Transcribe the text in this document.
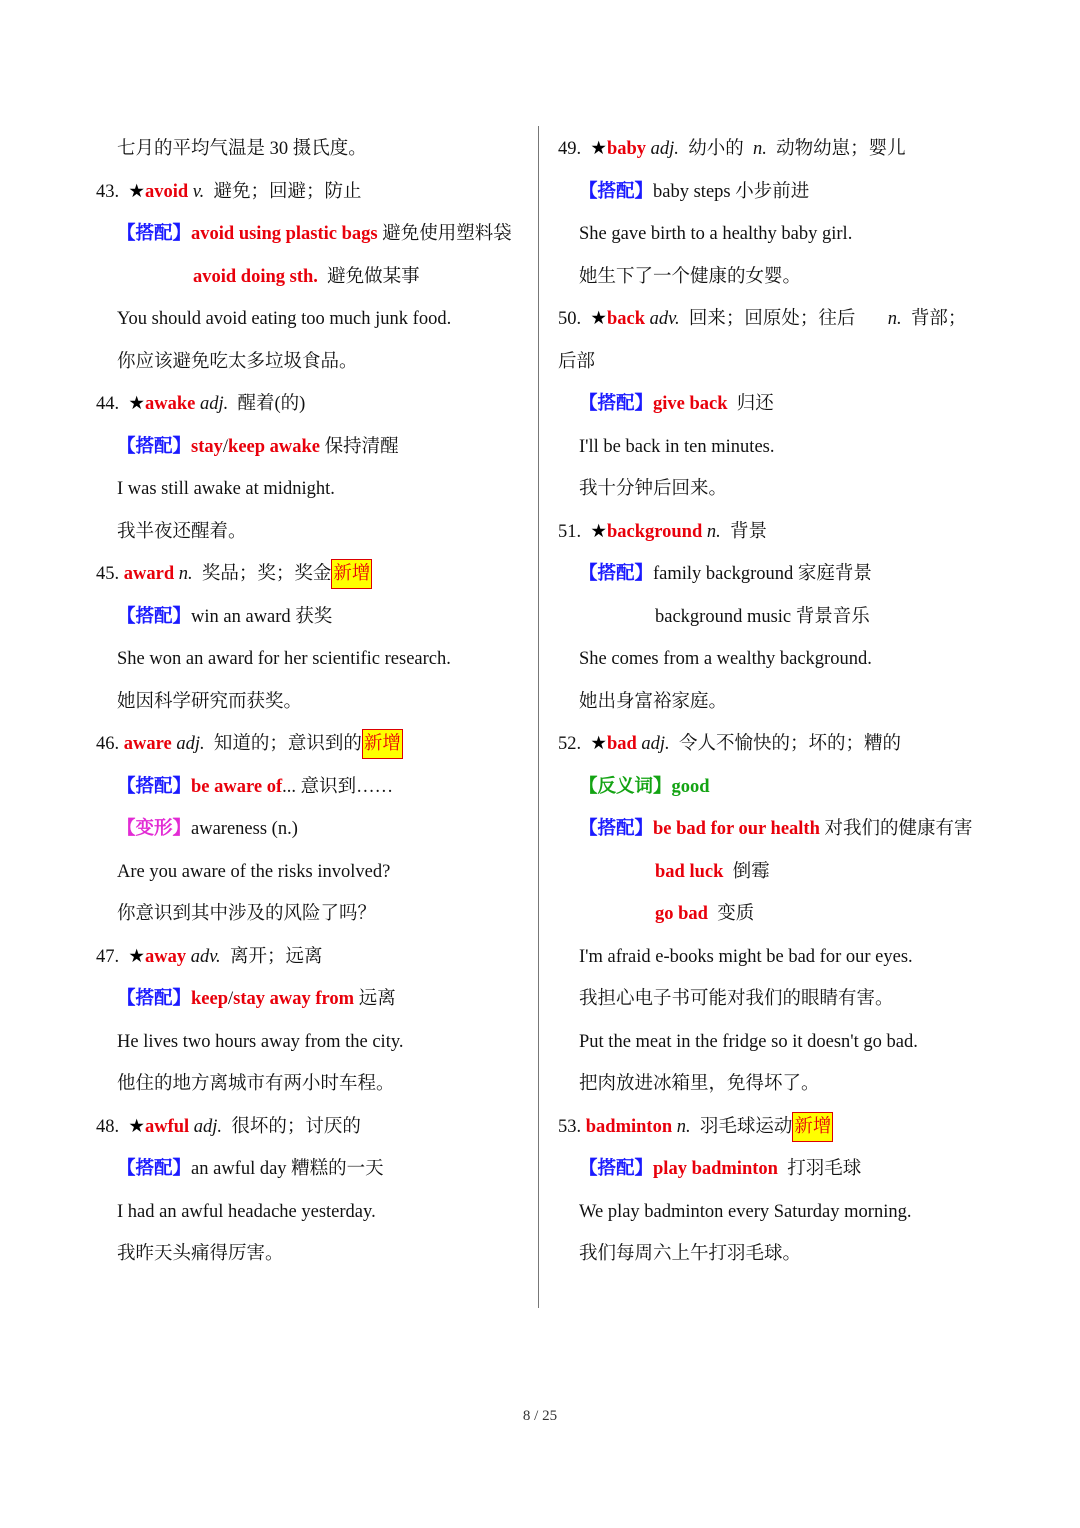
七月的平均气温是 30 摄氏度。
43. ★avoid v. 避免；回避；防止
【搭配】avoid using plastic bags 避免使用塑料袋
avoid doing sth. 避免做某事
You should avoid eating too much junk food.
你应该避免吃太多垃圾食品。
44. ★awake adj. 醒着(的)
【搭配】stay/keep awake 保持清醒
I was still awake at midnight.
我半夜还醒着。
45. award n. 奖品；奖；奖金 新增
【搭配】win an award 获奖
She won an award for her scientific research.
她因科学研究而获奖。
46. aware adj. 知道的；意识到的 新增
【搭配】be aware of... 意识到……
【变形】awareness (n.)
Are you aware of the risks involved?
你意识到其中涉及的风险了吗？
47. ★away adv. 离开；远离
【搭配】keep/stay away from 远离
He lives two hours away from the city.
他住的地方离城市有两小时车程。
48. ★awful adj. 很坏的；讨厌的
【搭配】an awful day 糟糕的一天
I had an awful headache yesterday.
我昨天头痛得厉害。
49. ★baby adj. 幼小的 n. 动物幼崽；婴儿
【搭配】baby steps 小步前进
She gave birth to a healthy baby girl.
她生下了一个健康的女婴。
50. ★back adv. 回来；回原处；往后 n. 背部；
后部
【搭配】give back 归还
I'll be back in ten minutes.
我十分钟后回来。
51. ★background n. 背景
【搭配】family background 家庭背景
background music 背景音乐
She comes from a wealthy background.
她出身富裕家庭。
52. ★bad adj. 令人不愉快的；坏的；糟的
【反义词】good
【搭配】be bad for our health 对我们的健康有害
bad luck 倒霉
go bad 变质
I'm afraid e-books might be bad for our eyes.
我担心电子书可能对我们的眼睛有害。
Put the meat in the fridge so it doesn't go bad.
把肉放进冰箱里，免得坏了。
53. badminton n. 羽毛球运动 新增
【搭配】play badminton 打羽毛球
We play badminton every Saturday morning.
我们每周六上午打羽毛球。
8 / 25
